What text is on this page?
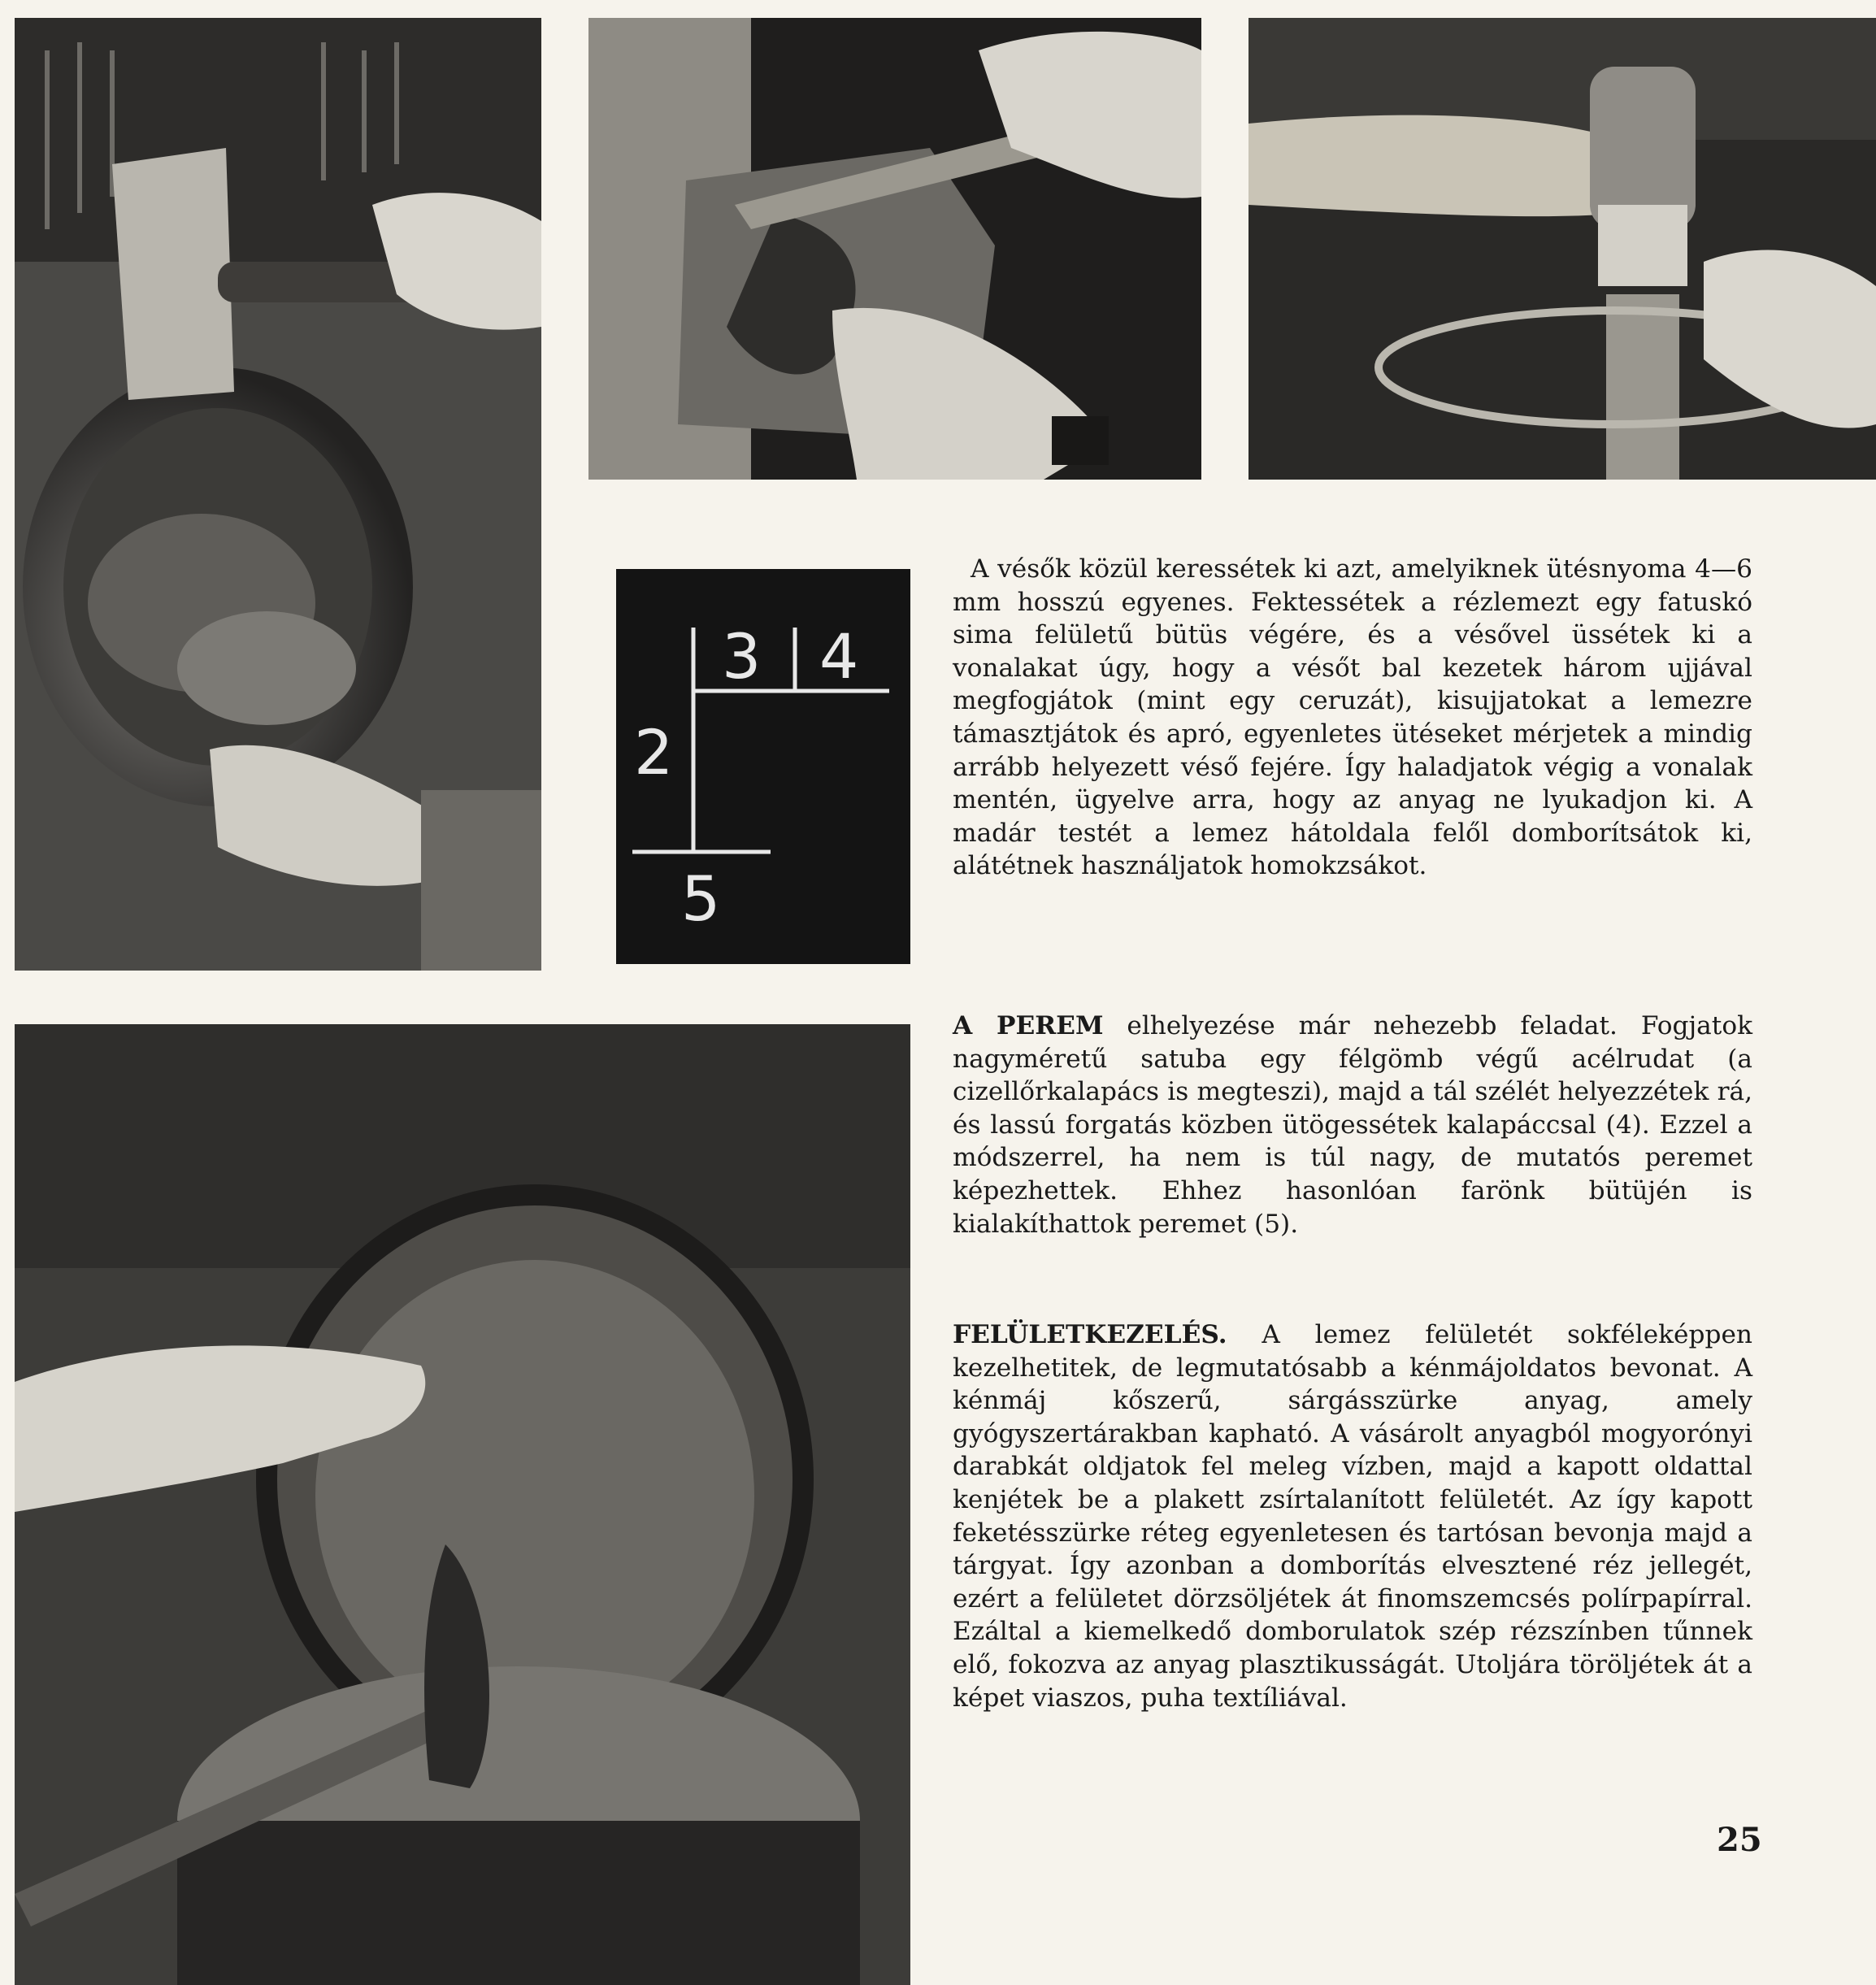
3 4
2
5

A vésők közül keressétek ki azt, amelyiknek ütésnyoma 4—6 mm hosszú egyenes. Fektessétek a rézlemezt egy fatuskó sima felületű bütüs végére, és a vésővel üssétek ki a vonalakat úgy, hogy a vésőt bal kezetek három ujjával megfogjátok (mint egy ceruzát), kisujjatokat a lemezre támasztjátok és apró, egyenletes ütéseket mérjetek a mindig arrább helyezett véső fejére. Így haladjatok végig a vonalak mentén, ügyelve arra, hogy az anyag ne lyukadjon ki. A madár testét a lemez hátoldala felől domborítsátok ki, alátétnek használjatok homokzsákot.

A PEREM elhelyezése már nehezebb feladat. Fogjatok nagyméretű satuba egy félgömb végű acélrudat (a cizellőrkalapács is megteszi), majd a tál szélét helyezzétek rá, és lassú forgatás közben ütögessétek kalapáccsal (4). Ezzel a módszerrel, ha nem is túl nagy, de mutatós peremet képezhettek. Ehhez hasonlóan farönk bütüjén is kialakíthattok peremet (5).

FELÜLETKEZELÉS. A lemez felületét sokféleképpen kezelhetitek, de legmutatósabb a kénmájoldatos bevonat. A kénmáj kőszerű, sárgásszürke anyag, amely gyógyszertárakban kapható. A vásárolt anyagból mogyorónyi darabkát oldjatok fel meleg vízben, majd a kapott oldattal kenjétek be a plakett zsírtalanított felületét. Az így kapott feketésszürke réteg egyenletesen és tartósan bevonja majd a tárgyat. Így azonban a domborítás elvesztené réz jellegét, ezért a felületet dörzsöljétek át finomszemcsés polírpapírral. Ezáltal a kiemelkedő domborulatok szép rézszínben tűnnek elő, fokozva az anyag plasztikusságát. Utoljára töröljétek át a képet viaszos, puha textíliával.

25
